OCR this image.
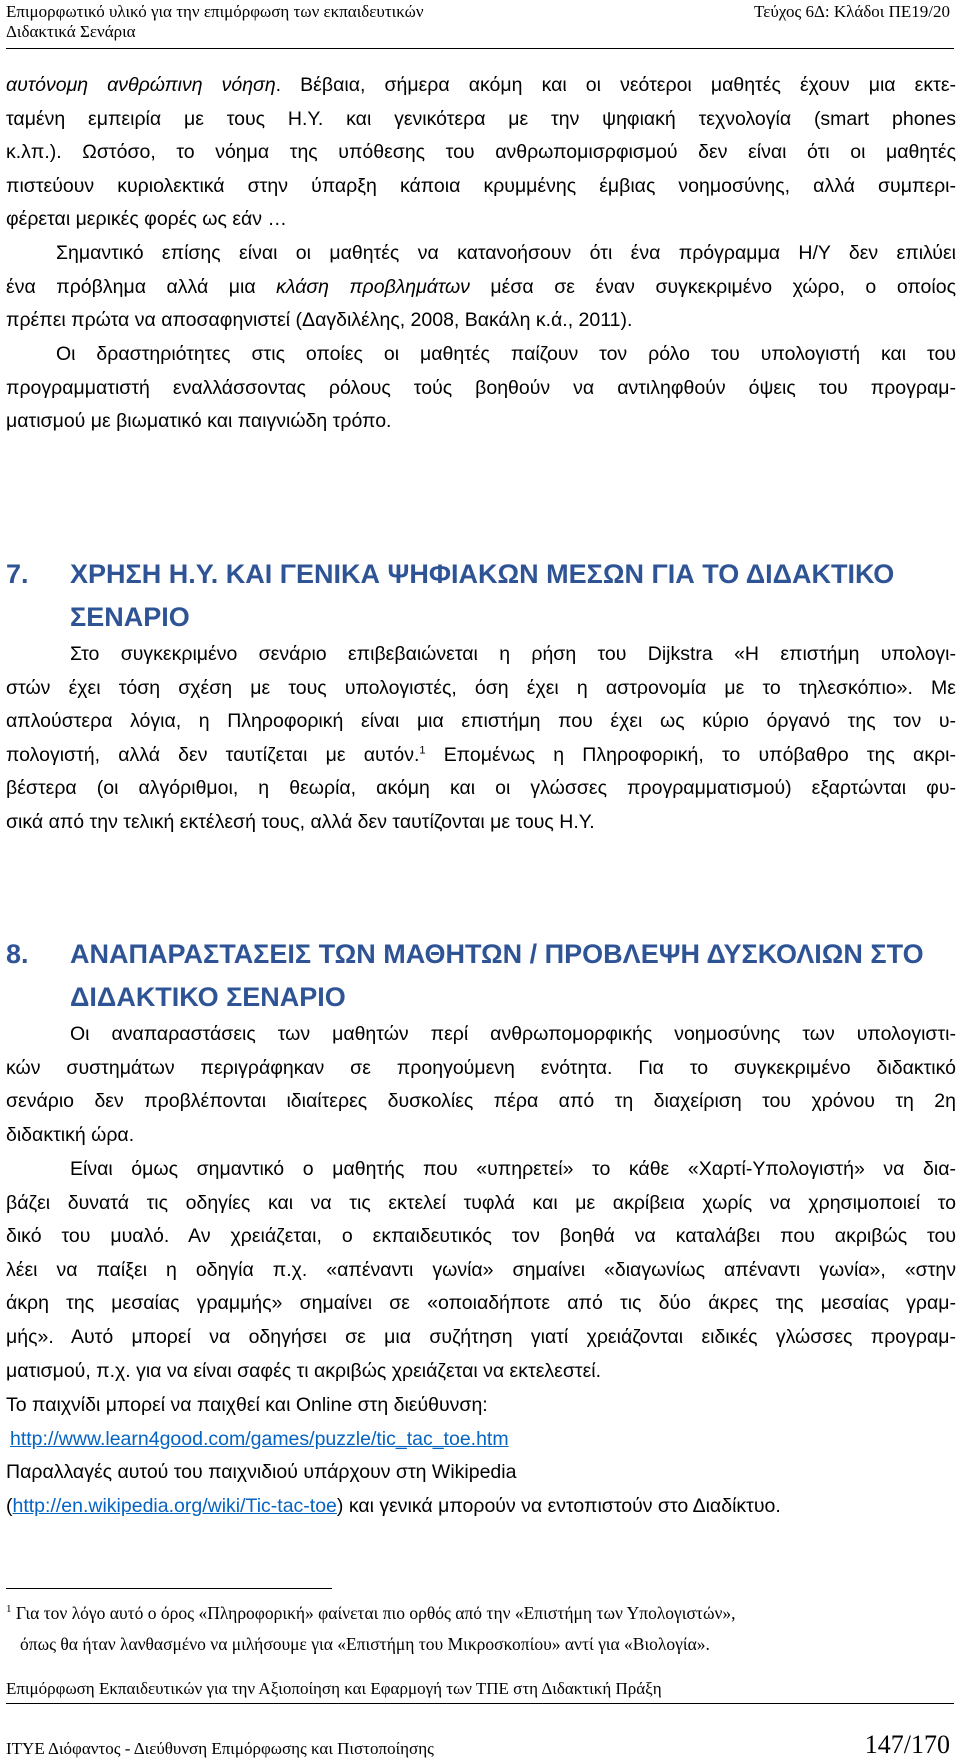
Επιμορφωτικό υλικό για την επιμόρφωση των εκπαιδευτικών
Διδακτικά Σενάρια
Τεύχος 6Δ: Κλάδοι ΠΕ19/20
αυτόνομη ανθρώπινη νόηση. Βέβαια, σήμερα ακόμη και οι νεότεροι μαθητές έχουν μια εκτε-
ταμένη εμπειρία με τους Η.Υ. και γενικότερα με την ψηφιακή τεχνολογία (smart phones
κ.λπ.). Ωστόσο, το νόημα της υπόθεσης του ανθρωπομισρφισμού δεν είναι ότι οι μαθητές
πιστεύουν κυριολεκτικά στην ύπαρξη κάποια κρυμμένης έμβιας νοημοσύνης, αλλά συμπερι-
φέρεται μερικές φορές ως εάν …
Σημαντικό επίσης είναι οι μαθητές να κατανοήσουν ότι ένα πρόγραμμα Η/Υ δεν επιλύει
ένα πρόβλημα αλλά μια κλάση προβλημάτων μέσα σε έναν συγκεκριμένο χώρο, ο οποίος
πρέπει πρώτα να αποσαφηνιστεί (Δαγδιλέλης, 2008, Βακάλη κ.ά., 2011).
Οι δραστηριότητες στις οποίες οι μαθητές παίζουν τον ρόλο του υπολογιστή και του
προγραμματιστή εναλλάσσοντας ρόλους τούς βοηθούν να αντιληφθούν όψεις του προγραμ-
ματισμού με βιωματικό και παιγνιώδη τρόπο.
7. ΧΡΗΣΗ Η.Υ. ΚΑΙ ΓΕΝΙΚΑ ΨΗΦΙΑΚΩΝ ΜΕΣΩΝ ΓΙΑ ΤΟ ΔΙΔΑΚΤΙΚΟ
ΣΕΝΑΡΙΟ
Στο συγκεκριμένο σενάριο επιβεβαιώνεται η ρήση του Dijkstra «Η επιστήμη υπολογι-
στών έχει τόση σχέση με τους υπολογιστές, όση έχει η αστρονομία με το τηλεσκόπιο». Με
απλούστερα λόγια, η Πληροφορική είναι μια επιστήμη που έχει ως κύριο όργανό της τον υ-
πολογιστή, αλλά δεν ταυτίζεται με αυτόν.$^1$ Επομένως η Πληροφορική, το υπόβαθρο της ακρι-
βέστερα (οι αλγόριθμοι, η θεωρία, ακόμη και οι γλώσσες προγραμματισμού) εξαρτώνται φυ-
σικά από την τελική εκτέλεσή τους, αλλά δεν ταυτίζονται με τους Η.Υ.
8. ΑΝΑΠΑΡΑΣΤΑΣΕΙΣ ΤΩΝ ΜΑΘΗΤΩΝ / ΠΡΟΒΛΕΨΗ ΔΥΣΚΟΛΙΩΝ ΣΤΟ
ΔΙΔΑΚΤΙΚΟ ΣΕΝΑΡΙΟ
Οι αναπαραστάσεις των μαθητών περί ανθρωπομορφικής νοημοσύνης των υπολογιστι-
κών συστημάτων περιγράφηκαν σε προηγούμενη ενότητα. Για το συγκεκριμένο διδακτικό
σενάριο δεν προβλέπονται ιδιαίτερες δυσκολίες πέρα από τη διαχείριση του χρόνου τη 2η
διδακτική ώρα.
Είναι όμως σημαντικό ο μαθητής που «υπηρετεί» το κάθε «Χαρτί-Υπολογιστή» να δια-
βάζει δυνατά τις οδηγίες και να τις εκτελεί τυφλά και με ακρίβεια χωρίς να χρησιμοποιεί το
δικό του μυαλό. Αν χρειάζεται, ο εκπαιδευτικός τον βοηθά να καταλάβει που ακριβώς του
λέει να παίξει η οδηγία π.χ. «απέναντι γωνία» σημαίνει «διαγωνίως απέναντι γωνία», «στην
άκρη της μεσαίας γραμμής» σημαίνει σε «οποιαδήποτε από τις δύο άκρες της μεσαίας γραμ-
μής». Αυτό μπορεί να οδηγήσει σε μια συζήτηση γιατί χρειάζονται ειδικές γλώσσες προγραμ-
ματισμού, π.χ. για να είναι σαφές τι ακριβώς χρειάζεται να εκτελεστεί.
Το παιχνίδι μπορεί να παιχθεί και Online στη διεύθυνση:
http://www.learn4good.com/games/puzzle/tic_tac_toe.htm
Παραλλαγές αυτού του παιχνιδιού υπάρχουν στη Wikipedia
(http://en.wikipedia.org/wiki/Tic-tac-toe) και γενικά μπορούν να εντοπιστούν στο Διαδίκτυο.
$^1$ Για τον λόγο αυτό ο όρος «Πληροφορική» φαίνεται πιο ορθός από την «Επιστήμη των Υπολογιστών»,
όπως θα ήταν λανθασμένο να μιλήσουμε για «Επιστήμη του Μικροσκοπίου» αντί για «Βιολογία».
Επιμόρφωση Εκπαιδευτικών για την Αξιοποίηση και Εφαρμογή των ΤΠΕ στη Διδακτική Πράξη
ΙΤΥΕ Διόφαντος - Διεύθυνση Επιμόρφωσης και Πιστοποίησης	147/170
